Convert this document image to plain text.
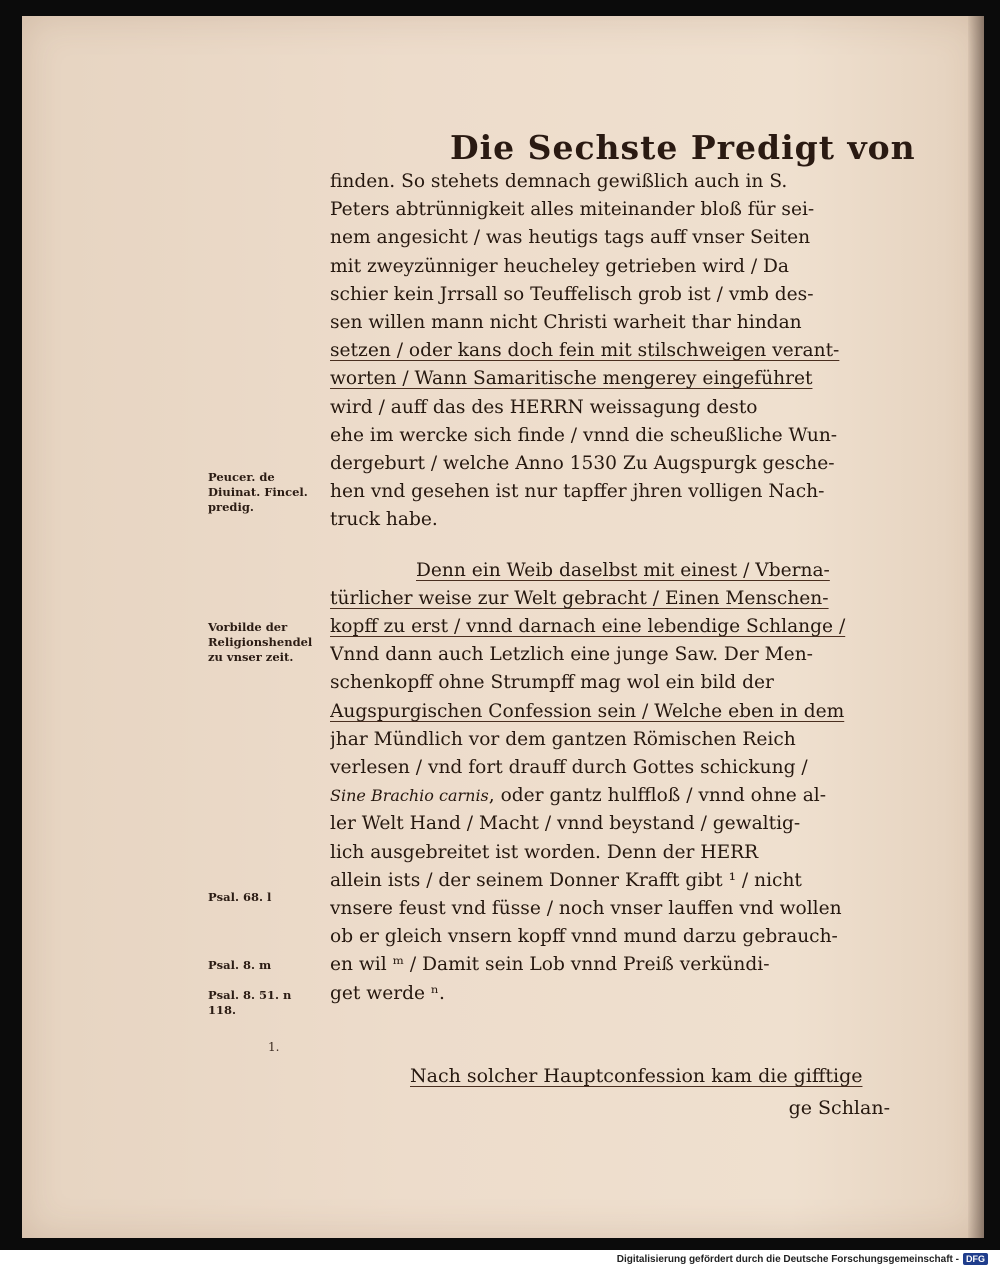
Die Sechste Predigt von
finden. So stehets demnach gewißlich auch in S.
Peters abtrünnigkeit alles miteinander bloß für sei-
nem angesicht / was heutigs tags auff vnser Seiten
mit zweyzünniger heucheley getrieben wird / Da
schier kein Jrrsall so Teuffelisch grob ist / vmb des-
sen willen mann nicht Christi warheit thar hindan
setzen / oder kans doch fein mit stilschweigen verant-
worten / Wann Samaritische mengerey eingeführet
wird / auff das des HERRN weissagung desto
ehe im wercke sich finde / vnnd die scheußliche Wun-
dergeburt / welche Anno 1530 Zu Augspurgk gesche-
hen vnd gesehen ist nur tapffer jhren volligen Nach-
truck habe.
Denn ein Weib daselbst mit einest / Vberna-
türlicher weise zur Welt gebracht / Einen Menschen-
kopff zu erst / vnnd darnach eine lebendige Schlange /
Vnnd dann auch Letzlich eine junge Saw. Der Men-
schenkopff ohne Strumpff mag wol ein bild der
Augspurgischen Confession sein / Welche eben in dem
jhar Mündlich vor dem gantzen Römischen Reich
verlesen / vnd fort drauff durch Gottes schickung /
Sine Brachio carnis, oder gantz hulffloß / vnnd ohne al-
ler Welt Hand / Macht / vnnd beystand / gewaltig-
lich ausgebreitet ist worden. Denn der HERR
allein ists / der seinem Donner Krafft gibt ¹ / nicht
vnsere feust vnd füsse / noch vnser lauffen vnd wollen
ob er gleich vnsern kopff vnnd mund darzu gebrauch-
en wil ᵐ / Damit sein Lob vnnd Preiß verkündi-
get werde ⁿ.
Nach solcher Hauptconfession kam die gifftige
ge Schlan-
Peucer. de Diuinat. Fincel. predig.
Vorbilde der Religionshendel zu vnser zeit.
Psal. 68. l
Psal. 8. m
Psal. 8. 51. n 118.
1.
Digitalisierung gefördert durch die Deutsche Forschungsgemeinschaft - DFG
